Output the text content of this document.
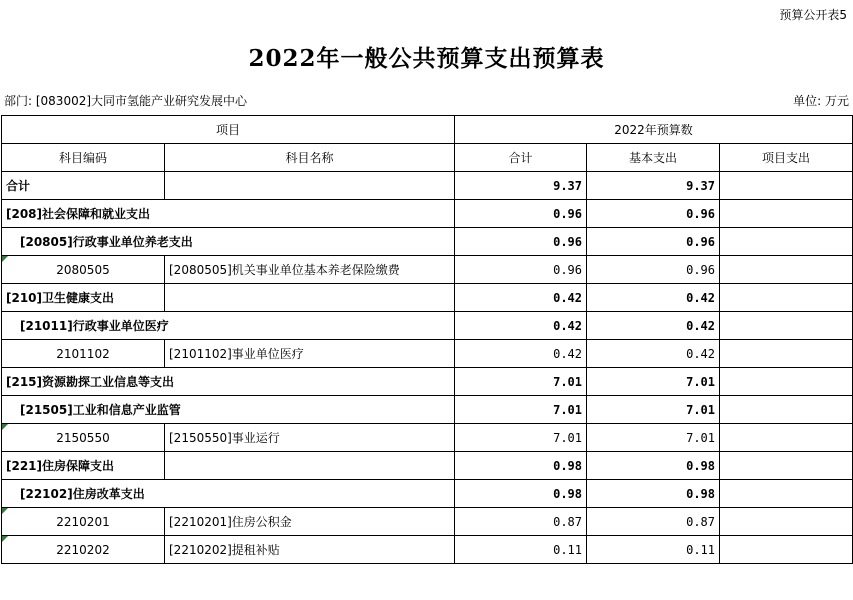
预算公开表5
2022年一般公共预算支出预算表
部门: [083002]大同市氢能产业研究发展中心	单位: 万元
项目		2022年预算数		
科目编码	科目名称	合计	基本支出	项目支出
合计		9.37	9.37	
[208]社会保障和就业支出		0.96	0.96	
[20805]行政事业单位养老支出		0.96	0.96	

2080505	[2080505]机关事业单位基本养老保险缴费	0.96	0.96	
[210]卫生健康支出		0.42	0.42	
[21011]行政事业单位医疗		0.42	0.42	
2101102	[2101102]事业单位医疗	0.42	0.42	
[215]资源勘探工业信息等支出		7.01	7.01	
[21505]工业和信息产业监管		7.01	7.01	

2150550	[2150550]事业运行	7.01	7.01	
[221]住房保障支出		0.98	0.98	
[22102]住房改革支出		0.98	0.98	

2210201	[2210201]住房公积金	0.87	0.87	

2210202	[2210202]提租补贴	0.11	0.11	
